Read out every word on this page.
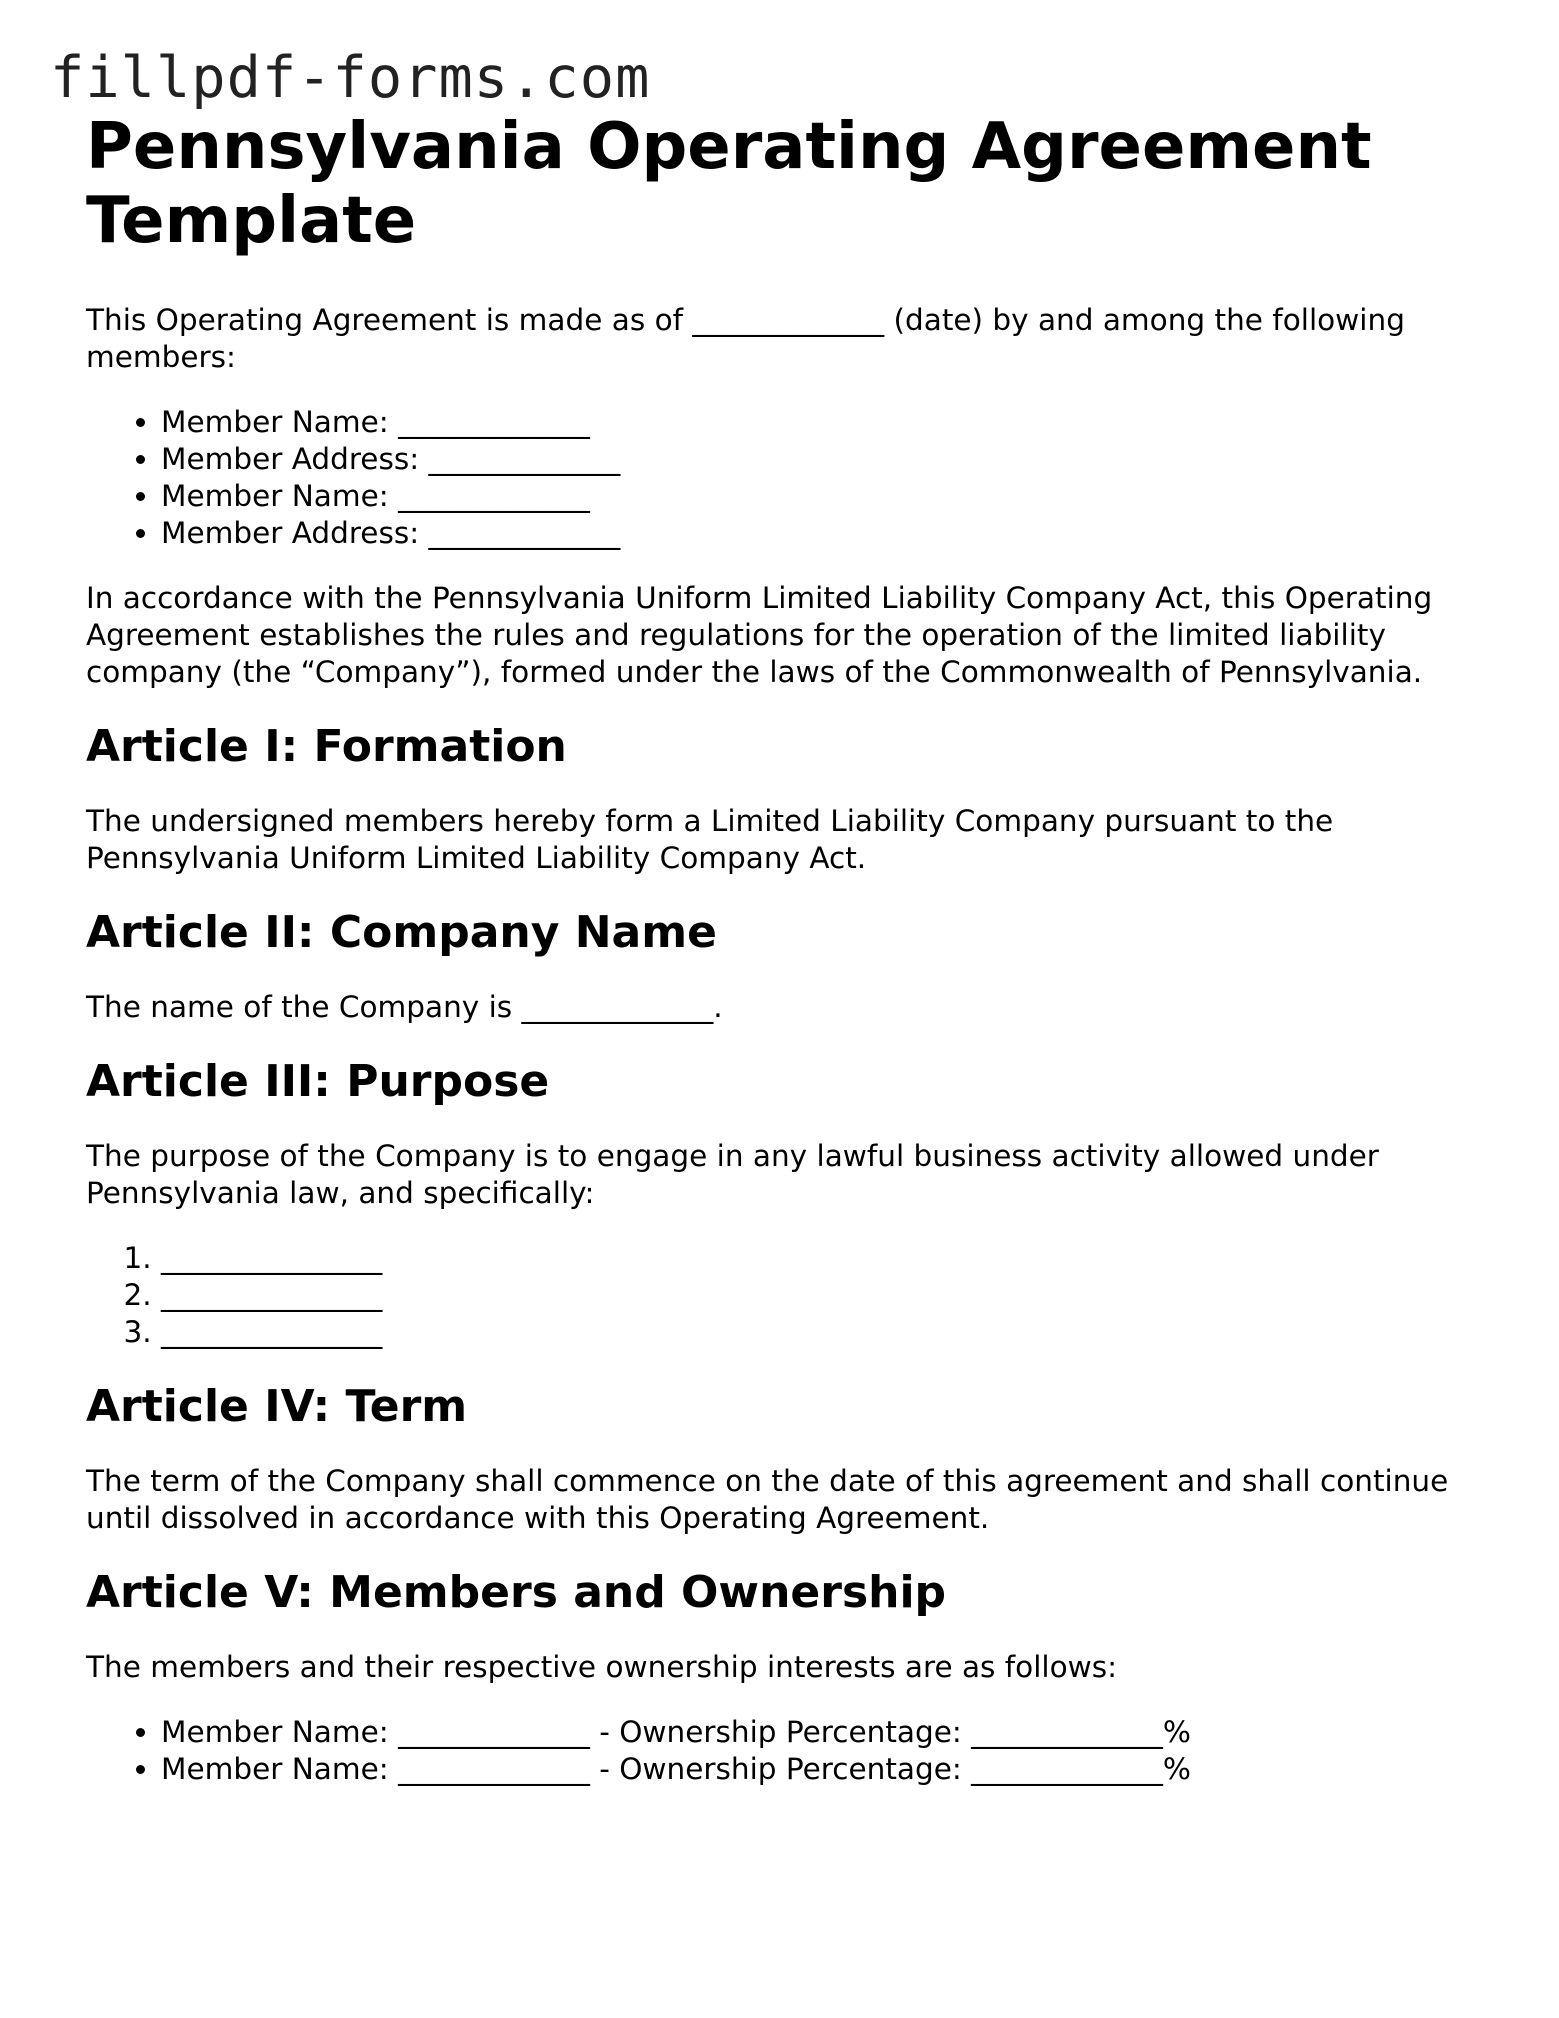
fillpdf-forms.com
Pennsylvania Operating Agreement Template

This Operating Agreement is made as of _____________ (date) by and among the following members:

• Member Name: _____________
• Member Address: _____________
• Member Name: _____________
• Member Address: _____________

In accordance with the Pennsylvania Uniform Limited Liability Company Act, this Operating Agreement establishes the rules and regulations for the operation of the limited liability company (the “Company”), formed under the laws of the Commonwealth of Pennsylvania.

Article I: Formation

The undersigned members hereby form a Limited Liability Company pursuant to the Pennsylvania Uniform Limited Liability Company Act.

Article II: Company Name

The name of the Company is _____________.

Article III: Purpose

The purpose of the Company is to engage in any lawful business activity allowed under Pennsylvania law, and specifically:

1. _______________
2. _______________
3. _______________
Article IV: Term

The term of the Company shall commence on the date of this agreement and shall continue until dissolved in accordance with this Operating Agreement.

Article V: Members and Ownership

The members and their respective ownership interests are as follows:

• Member Name: _____________ - Ownership Percentage: _____________%
• Member Name: _____________ - Ownership Percentage: _____________%
